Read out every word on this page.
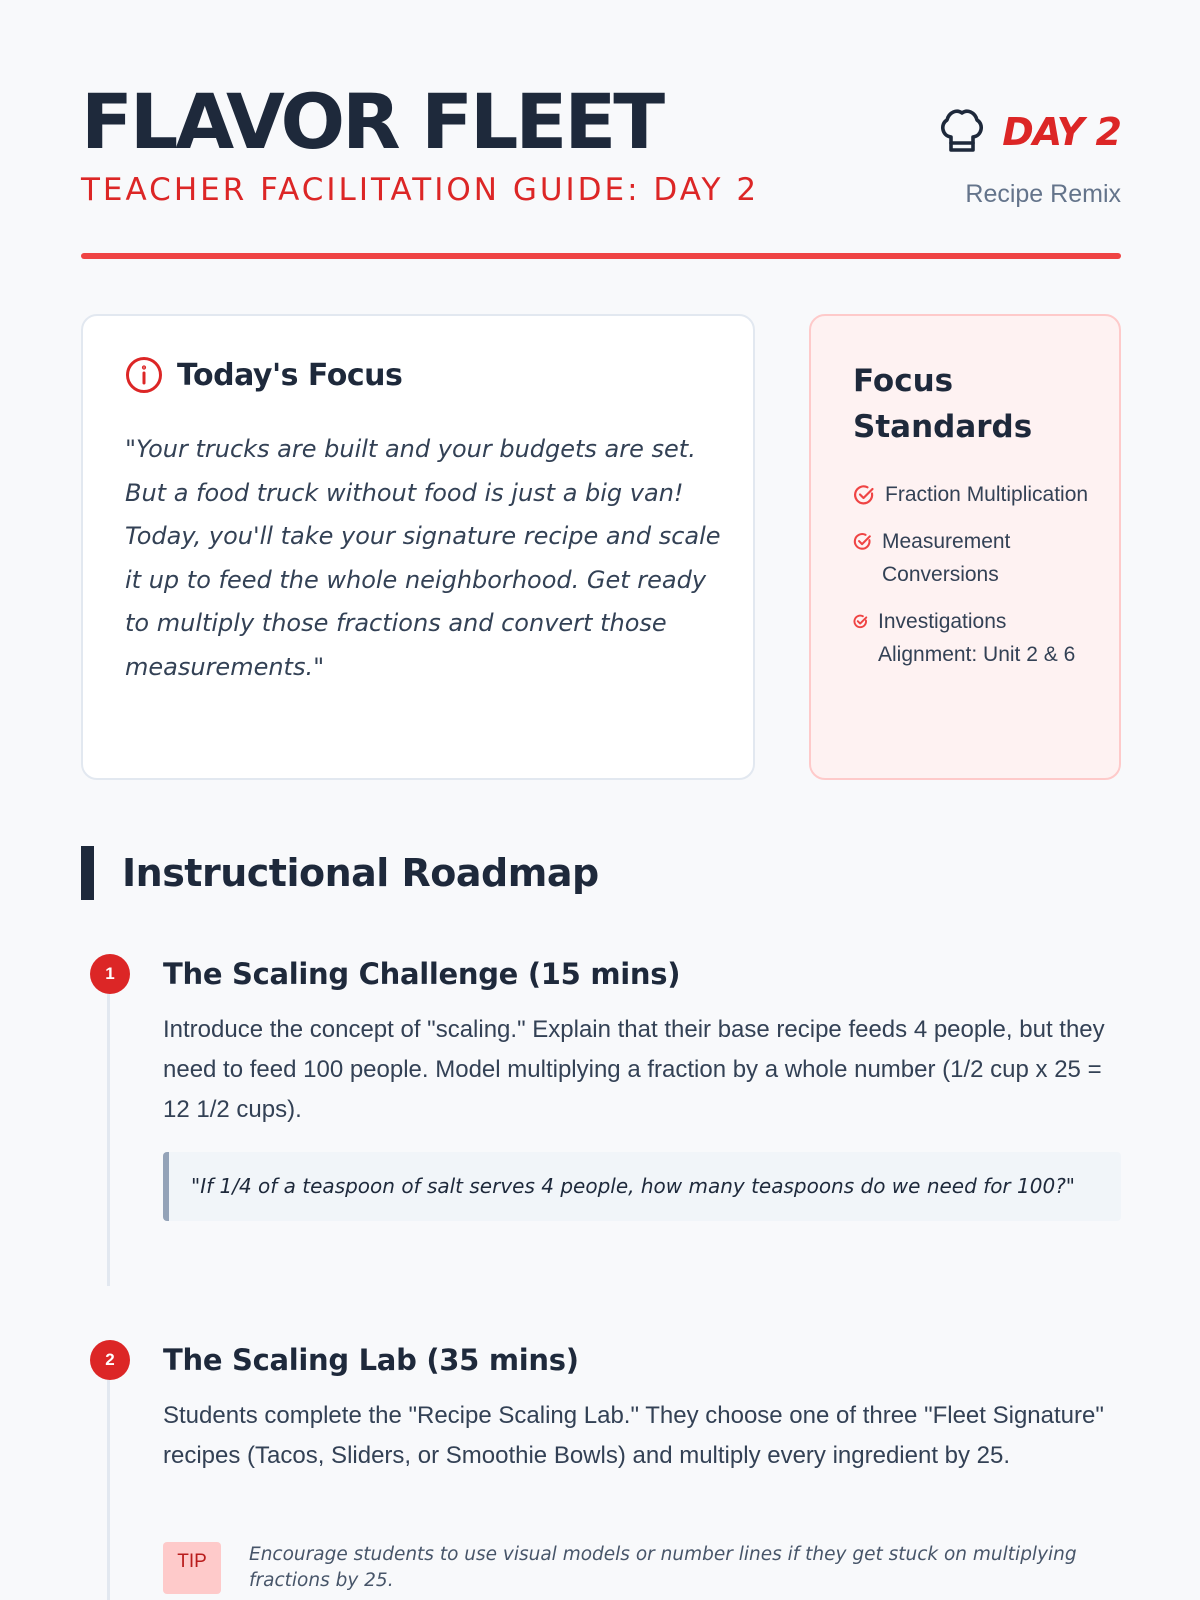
FLAVOR FLEET
TEACHER FACILITATION GUIDE: DAY 2
DAY 2
Recipe Remix
Today's Focus

"Your trucks are built and your budgets are set. But a food truck without food is just a big van! Today, you'll take your signature recipe and scale it up to feed the whole neighborhood. Get ready to multiply those fractions and convert those measurements."

Focus Standards
Fraction Multiplication
Measurement Conversions
Investigations Alignment: Unit 2 & 6
Instructional Roadmap
1	The Scaling Challenge (15 mins)

Introduce the concept of "scaling." Explain that their base recipe feeds 4 people, but they need to feed 100 people. Model multiplying a fraction by a whole number (1/2 cup x 25 = 12 1/2 cups).

"If 1/4 of a teaspoon of salt serves 4 people, how many teaspoons do we need for 100?"
2	The Scaling Lab (35 mins)

Students complete the "Recipe Scaling Lab." They choose one of three "Fleet Signature" recipes (Tacos, Sliders, or Smoothie Bowls) and multiply every ingredient by 25.

TIP	Encourage students to use visual models or number lines if they get stuck on multiplying fractions by 25.
